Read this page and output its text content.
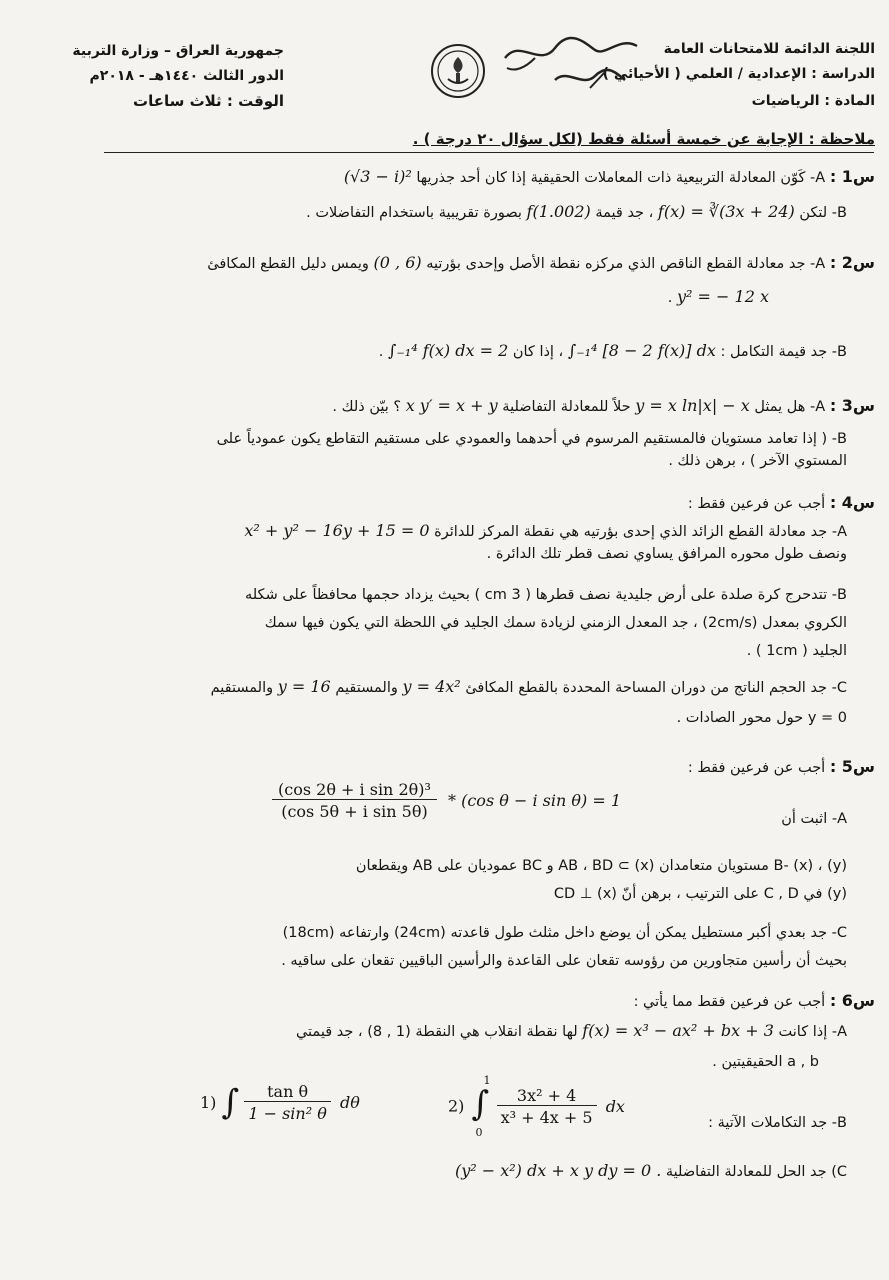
اللجنة الدائمة للامتحانات العامة
الدراسة : الإعدادية / العلمي ( الأحيائي )
المادة : الرياضيات
جمهورية العراق – وزارة التربية
الدور الثالث ١٤٤٠هـ - ٢٠١٨م
الوقت : ثلاث ساعات
ملاحظة : الإجابة عن خمسة أسئلة فقط (لكل سؤال ٢٠ درجة ) .
س1 : A- كَوّن المعادلة التربيعية ذات المعاملات الحقيقية إذا كان أحد جذريها (√3 − i)²
B- لتكن f(x) = ∛(3x + 24) ، جد قيمة f(1.002) بصورة تقريبية باستخدام التفاضلات .
س2 : A- جد معادلة القطع الناقص الذي مركزه نقطة الأصل وإحدى بؤرتيه (0 , 6) ويمس دليل القطع المكافئ
y² = − 12 x .
B- جد قيمة التكامل : ∫₋₁⁴ [8 − 2 f(x)] dx ، إذا كان ∫₋₁⁴ f(x) dx = 2 .
س3 : A- هل يمثل y = x ln|x| − x حلاً للمعادلة التفاضلية x y′ = x + y ؟ بيّن ذلك .
B- ( إذا تعامد مستويان فالمستقيم المرسوم في أحدهما والعمودي على مستقيم التقاطع يكون عمودياً على
المستوي الآخر ) ، برهن ذلك .
س4 : أجب عن فرعين فقط :
A- جد معادلة القطع الزائد الذي إحدى بؤرتيه هي نقطة المركز للدائرة x² + y² − 16y + 15 = 0
ونصف طول محوره المرافق يساوي نصف قطر تلك الدائرة .
B- تتدحرج كرة صلدة على أرض جليدية نصف قطرها ( 3 cm ) بحيث يزداد حجمها محافظاً على شكله
الكروي بمعدل (2cm/s) ، جد المعدل الزمني لزيادة سمك الجليد في اللحظة التي يكون فيها سمك
الجليد ( 1cm ) .
C- جد الحجم الناتج من دوران المساحة المحددة بالقطع المكافئ y = 4x² والمستقيم y = 16 والمستقيم
y = 0 حول محور الصادات .
س5 : أجب عن فرعين فقط :
A- اثبت أن
$\frac{\text{(cos 2θ + i sin 2θ)³}}{\text{(cos 5θ + i sin 5θ)}} * (\cos$ θ − i sin θ) = 1
B- (x) ، (y) مستويان متعامدان (x) ⊃ AB ، BD و BC عموديان على AB ويقطعان
(y) في C , D على الترتيب ، برهن أنّ CD ⊥ (x)
C- جد بعدي أكبر مستطيل يمكن أن يوضع داخل مثلث طول قاعدته (24cm) وارتفاعه (18cm)
بحيث أن رأسين متجاورين من رؤوسه تقعان على القاعدة والرأسين الباقيين تقعان على ساقيه .
س6 : أجب عن فرعين فقط مما يأتي :
A- إذا كانت f(x) = x³ − ax² + bx + 3 لها نقطة انقلاب هي النقطة (1 , 8) ، جد قيمتي
a , b الحقيقيتين .
B- جد التكاملات الآتية :
1) ∫ $\frac{\text{tan θ}}{\text{1 − sin² θ}}$ dθ	2) ∫
1
0

$\frac{\text{3x² + 4}}{\text{x³ + 4x + 5}}$ dx
C) جد الحل للمعادلة التفاضلية (y² − x²) dx + x y dy = 0 .
